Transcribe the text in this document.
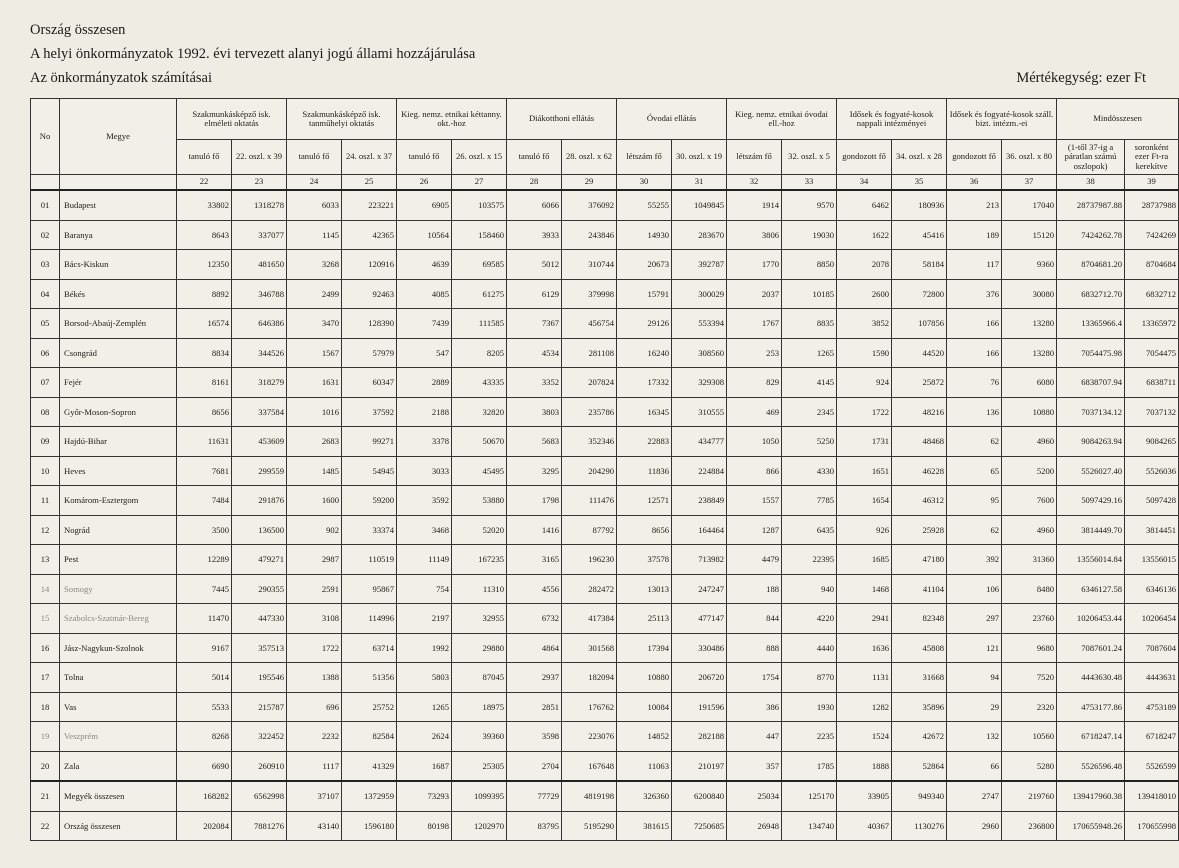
Ország összesen
A helyi önkormányzatok 1992. évi tervezett alanyi jogú állami hozzájárulása
Az önkormányzatok számításai	Mértékegység: ezer Ft
No	Megye	Szakmunkásképző isk. elméleti oktatás		Szakmunkásképző isk. tanműhelyi oktatás		Kieg. nemz. etnikai kéttanny. okt.-hoz		Diákotthoni ellátás		Óvodai ellátás		Kieg. nemz. etnikai óvodai ell.-hoz		Idősek és fogyaté-kosok nappali intézményei		Idősek és fogyaté-kosok száll. bizt. intézm.-ei		Mindösszesen	
		tanuló fő	22. oszl. x 39	tanuló fő	24. oszl. x 37	tanuló fő	26. oszl. x 15	tanuló fő	28. oszl. x 62	létszám fő	30. oszl. x 19	létszám fő	32. oszl. x 5	gondozott fő	34. oszl. x 28	gondozott fő	36. oszl. x 80	(1-től 37-ig a páratlan számú oszlopok)	soronként ezer Ft-ra kerekítve
		22	23	24	25	26	27	28	29	30	31	32	33	34	35	36	37	38	39
01	Budapest	33802	1318278	6033	223221	6905	103575	6066	376092	55255	1049845	1914	9570	6462	180936	213	17040	28737987.88	28737988
02	Baranya	8643	337077	1145	42365	10564	158460	3933	243846	14930	283670	3806	19030	1622	45416	189	15120	7424262.78	7424269
03	Bács-Kiskun	12350	481650	3268	120916	4639	69585	5012	310744	20673	392787	1770	8850	2078	58184	117	9360	8704681.20	8704684
04	Békés	8892	346788	2499	92463	4085	61275	6129	379998	15791	300029	2037	10185	2600	72800	376	30080	6832712.70	6832712
05	Borsod-Abaúj-Zemplén	16574	646386	3470	128390	7439	111585	7367	456754	29126	553394	1767	8835	3852	107856	166	13280	13365966.4	13365972
06	Csongrád	8834	344526	1567	57979	547	8205	4534	281108	16240	308560	253	1265	1590	44520	166	13280	7054475.98	7054475
07	Fejér	8161	318279	1631	60347	2889	43335	3352	207824	17332	329308	829	4145	924	25872	76	6080	6838707.94	6838711
08	Győr-Moson-Sopron	8656	337584	1016	37592	2188	32820	3803	235786	16345	310555	469	2345	1722	48216	136	10880	7037134.12	7037132
09	Hajdú-Bihar	11631	453609	2683	99271	3378	50670	5683	352346	22883	434777	1050	5250	1731	48468	62	4960	9084263.94	9084265
10	Heves	7681	299559	1485	54945	3033	45495	3295	204290	11836	224884	866	4330	1651	46228	65	5200	5526027.40	5526036
11	Komárom-Esztergom	7484	291876	1600	59200	3592	53880	1798	111476	12571	238849	1557	7785	1654	46312	95	7600	5097429.16	5097428
12	Nográd	3500	136500	902	33374	3468	52020	1416	87792	8656	164464	1287	6435	926	25928	62	4960	3814449.70	3814451
13	Pest	12289	479271	2987	110519	11149	167235	3165	196230	37578	713982	4479	22395	1685	47180	392	31360	13556014.84	13556015
14	Somogy	7445	290355	2591	95867	754	11310	4556	282472	13013	247247	188	940	1468	41104	106	8480	6346127.58	6346136
15	Szabolcs-Szatmár-Bereg	11470	447330	3108	114996	2197	32955	6732	417384	25113	477147	844	4220	2941	82348	297	23760	10206453.44	10206454
16	Jász-Nagykun-Szolnok	9167	357513	1722	63714	1992	29880	4864	301568	17394	330486	888	4440	1636	45808	121	9680	7087601.24	7087604
17	Tolna	5014	195546	1388	51356	5803	87045	2937	182094	10880	206720	1754	8770	1131	31668	94	7520	4443630.48	4443631
18	Vas	5533	215787	696	25752	1265	18975	2851	176762	10084	191596	386	1930	1282	35896	29	2320	4753177.86	4753189
19	Veszprém	8268	322452	2232	82584	2624	39360	3598	223076	14852	282188	447	2235	1524	42672	132	10560	6718247.14	6718247
20	Zala	6690	260910	1117	41329	1687	25305	2704	167648	11063	210197	357	1785	1888	52864	66	5280	5526596.48	5526599
21	Megyék összesen	168282	6562998	37107	1372959	73293	1099395	77729	4819198	326360	6200840	25034	125170	33905	949340	2747	219760	139417960.38	139418010
22	Ország összesen	202084	7881276	43140	1596180	80198	1202970	83795	5195290	381615	7250685	26948	134740	40367	1130276	2960	236800	170655948.26	170655998
